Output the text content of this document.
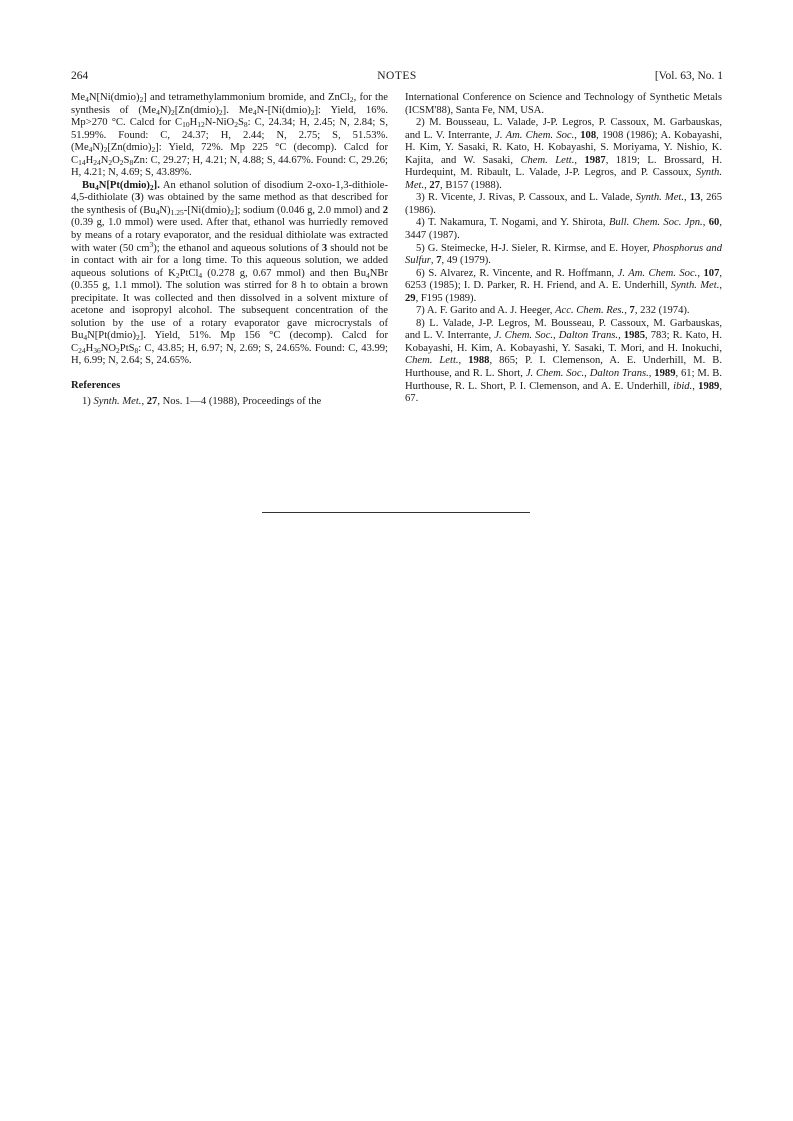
264	NOTES	[Vol. 63, No. 1

$Me_4N[Ni(dmio)_2]$ and tetramethylammonium bromide, and ZnCl$_2$, for the synthesis of $(Me_4N)_2[Zn(dmio)_2]$. $Me_4N-[Ni(dmio)_2]$: Yield, 16%. Mp>270 °C. Calcd for $C_{10}H_{12}N-NiO_2S_8$: C, 24.34; H, 2.45; N, 2.84; S, 51.99%. Found: C, 24.37; H, 2.44; N, 2.75; S, 51.53%. $(Me_4N)_2[Zn(dmio)_2]$: Yield, 72%. Mp 225 °C (decomp). Calcd for $C_{14}H_{24}N_2O_2S_8Zn$: C, 29.27; H, 4.21; N, 4.88; S, 44.67%. Found: C, 29.26; H, 4.21; N, 4.69; S, 43.89%.

$Bu_4N[Pt(dmio)_2]$. An ethanol solution of disodium 2-oxo-1,3-dithiole-4,5-dithiolate (3) was obtained by the same method as that described for the synthesis of $(Bu_4N)_{1.25}-[Ni(dmio)_2]$; sodium (0.046 g, 2.0 mmol) and 2 (0.39 g, 1.0 mmol) were used. After that, ethanol was hurriedly removed by means of a rotary evaporator, and the residual dithiolate was extracted with water (50 $cm^3$); the ethanol and aqueous solutions of 3 should not be in contact with air for a long time. To this aqueous solution, we added aqueous solutions of $K_2PtCl_4$ (0.278 g, 0.67 mmol) and then $Bu_4NBr$ (0.355 g, 1.1 mmol). The solution was stirred for 8 h to obtain a brown precipitate. It was collected and then dissolved in a solvent mixture of acetone and isopropyl alcohol. The subsequent concentration of the solution by the use of a rotary evaporator gave microcrystals of $Bu_4N[Pt(dmio)_2]$. Yield, 51%. Mp 156 °C (decomp). Calcd for $C_{24}H_{36}NO_2PtS_8$: C, 43.85; H, 6.97; N, 2.69; S, 24.65%. Found: C, 43.99; H, 6.99; N, 2.64; S, 24.65%.

References

1) Synth. Met., 27, Nos. 1—4 (1988), Proceedings of the

International Conference on Science and Technology of Synthetic Metals (ICSM'88), Santa Fe, NM, USA.

2) M. Bousseau, L. Valade, J-P. Legros, P. Cassoux, M. Garbauskas, and L. V. Interrante, J. Am. Chem. Soc., 108, 1908 (1986); A. Kobayashi, H. Kim, Y. Sasaki, R. Kato, H. Kobayashi, S. Moriyama, Y. Nishio, K. Kajita, and W. Sasaki, Chem. Lett., 1987, 1819; L. Brossard, H. Hurdequint, M. Ribault, L. Valade, J-P. Legros, and P. Cassoux, Synth. Met., 27, B157 (1988).

3) R. Vicente, J. Rivas, P. Cassoux, and L. Valade, Synth. Met., 13, 265 (1986).

4) T. Nakamura, T. Nogami, and Y. Shirota, Bull. Chem. Soc. Jpn., 60, 3447 (1987).

5) G. Steimecke, H-J. Sieler, R. Kirmse, and E. Hoyer, Phosphorus and Sulfur, 7, 49 (1979).

6) S. Alvarez, R. Vincente, and R. Hoffmann, J. Am. Chem. Soc., 107, 6253 (1985); I. D. Parker, R. H. Friend, and A. E. Underhill, Synth. Met., 29, F195 (1989).

7) A. F. Garito and A. J. Heeger, Acc. Chem. Res., 7, 232 (1974).

8) L. Valade, J-P. Legros, M. Bousseau, P. Cassoux, M. Garbauskas, and L. V. Interrante, J. Chem. Soc., Dalton Trans., 1985, 783; R. Kato, H. Kobayashi, H. Kim, A. Kobayashi, Y. Sasaki, T. Mori, and H. Inokuchi, Chem. Lett., 1988, 865; P. I. Clemenson, A. E. Underhill, M. B. Hurthouse, and R. L. Short, J. Chem. Soc., Dalton Trans., 1989, 61; M. B. Hurthouse, R. L. Short, P. I. Clemenson, and A. E. Underhill, ibid., 1989, 67.
